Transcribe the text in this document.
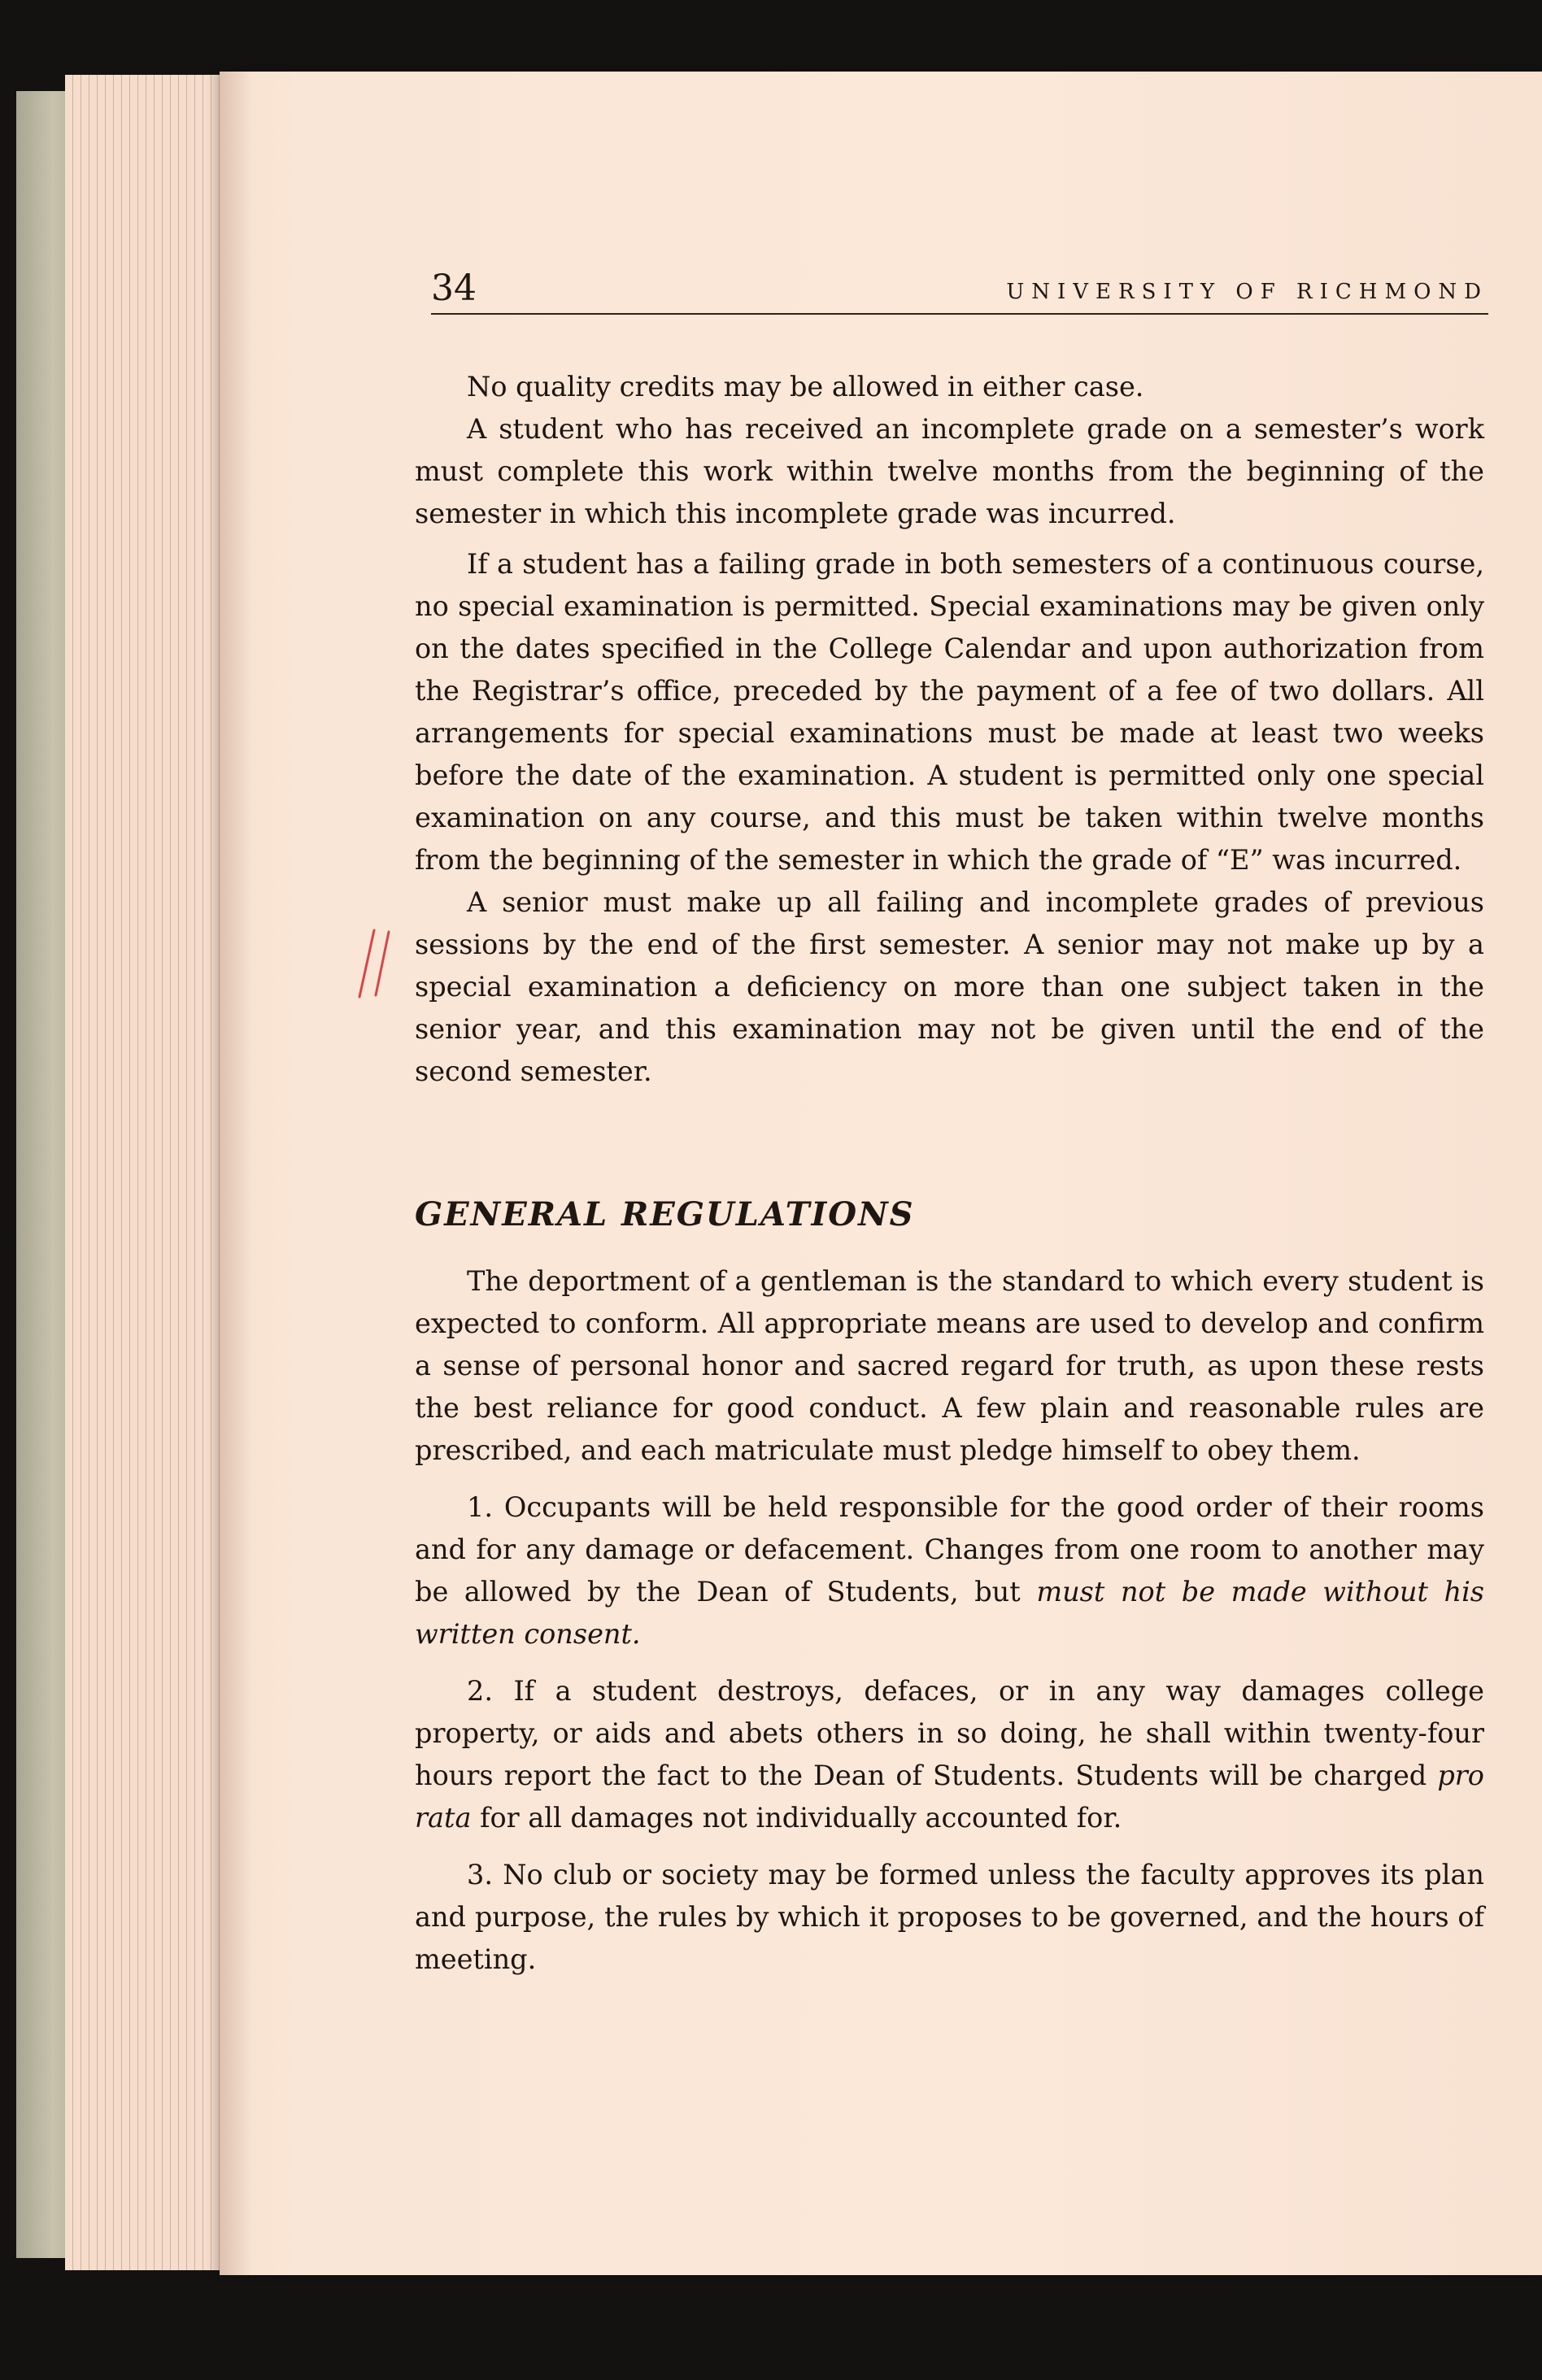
34	UNIVERSITY OF RICHMOND

No quality credits may be allowed in either case.

A student who has received an incomplete grade on a semester’s work must complete this work within twelve months from the beginning of the semester in which this incomplete grade was incurred.

If a student has a failing grade in both semesters of a continuous course, no special examination is permitted. Special examinations may be given only on the dates specified in the College Calendar and upon authorization from the Registrar’s office, preceded by the payment of a fee of two dollars. All arrangements for special examinations must be made at least two weeks before the date of the examination. A student is permitted only one special examination on any course, and this must be taken within twelve months from the beginning of the semester in which the grade of “E” was incurred.

A senior must make up all failing and incomplete grades of previous sessions by the end of the first semester. A senior may not make up by a special examination a deficiency on more than one subject taken in the senior year, and this examination may not be given until the end of the second semester.

GENERAL REGULATIONS

The deportment of a gentleman is the standard to which every student is expected to conform. All appropriate means are used to develop and confirm a sense of personal honor and sacred regard for truth, as upon these rests the best reliance for good conduct. A few plain and reasonable rules are prescribed, and each matriculate must pledge himself to obey them.

1. Occupants will be held responsible for the good order of their rooms and for any damage or defacement. Changes from one room to another may be allowed by the Dean of Students, but must not be made without his written consent.

2. If a student destroys, defaces, or in any way damages college property, or aids and abets others in so doing, he shall within twenty-four hours report the fact to the Dean of Students. Students will be charged pro rata for all damages not individually accounted for.

3. No club or society may be formed unless the faculty approves its plan and purpose, the rules by which it proposes to be governed, and the hours of meeting.
